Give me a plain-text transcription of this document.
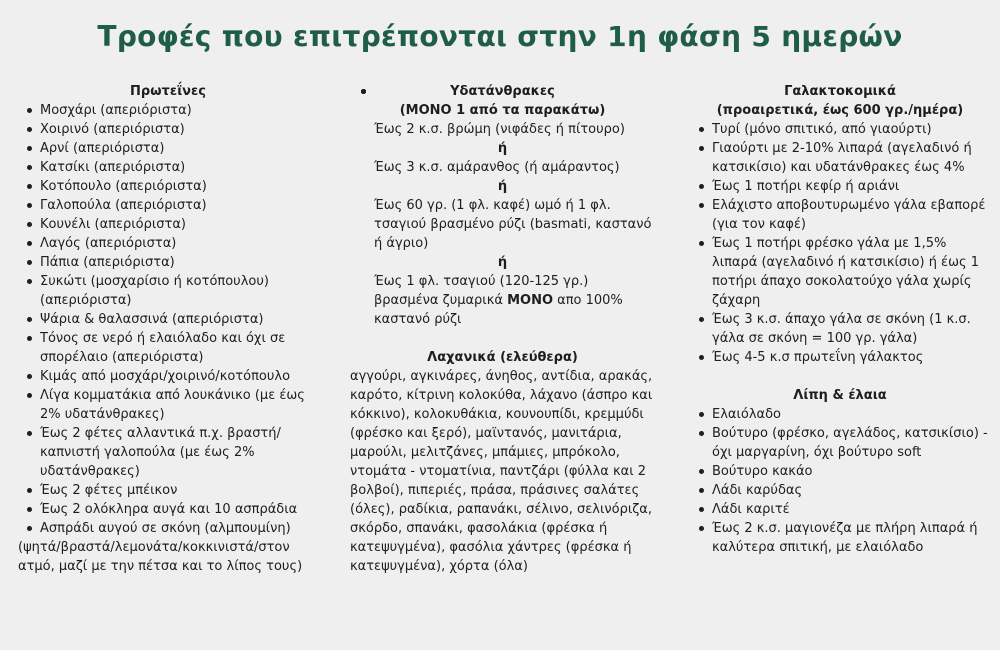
Τροφές που επιτρέπονται στην 1η φάση 5 ημερών

Πρωτεΐνες

Μοσχάρι (απεριόριστα)
Χοιρινό (απεριόριστα)
Αρνί (απεριόριστα)
Κατσίκι (απεριόριστα)
Κοτόπουλο (απεριόριστα)
Γαλοπούλα (απεριόριστα)
Κουνέλι (απεριόριστα)
Λαγός (απεριόριστα)
Πάπια (απεριόριστα)
Συκώτι (μοσχαρίσιο ή κοτόπουλου) (απεριόριστα)
Ψάρια & θαλασσινά (απεριόριστα)
Τόνος σε νερό ή ελαιόλαδο και όχι σε σπορέλαιο (απεριόριστα)
Κιμάς από μοσχάρι/χοιρινό/κοτόπουλο
Λίγα κομματάκια από λουκάνικο (με έως 2% υδατάνθρακες)
Έως 2 φέτες αλλαντικά π.χ. βραστή/ καπνιστή γαλοπούλα (με έως 2% υδατάνθρακες)
Έως 2 φέτες μπέικον
Έως 2 ολόκληρα αυγά και 10 ασπράδια
Ασπράδι αυγού σε σκόνη (αλμπουμίνη)
(ψητά/βραστά/λεμονάτα/κοκκινιστά/στον ατμό, μαζί με την πέτσα και το λίπος τους)

Υδατάνθρακες

(ΜΟΝΟ 1 από τα παρακάτω)

Έως 2 κ.σ. βρώμη (νιφάδες ή πίτουρο)
ή
Έως 3 κ.σ. αμάρανθος (ή αμάραντος)
ή
Έως 60 γρ. (1 φλ. καφέ) ωμό ή 1 φλ. τσαγιού βρασμένο ρύζι (basmati, καστανό ή άγριο)
ή
Έως 1 φλ. τσαγιού (120-125 γρ.) βρασμένα ζυμαρικά ΜΟΝΟ απο 100% καστανό ρύζι

Λαχανικά (ελεύθερα)

αγγούρι, αγκινάρες, άνηθος, αντίδια, αρακάς, καρότο, κίτρινη κολοκύθα, λάχανο (άσπρο και κόκκινο), κολοκυθάκια, κουνουπίδι, κρεμμύδι (φρέσκο και ξερό), μαϊντανός, μανιτάρια, μαρούλι, μελιτζάνες, μπάμιες, μπρόκολο, ντομάτα - ντοματίνια, παντζάρι (φύλλα και 2 βολβοί), πιπεριές, πράσα, πράσινες σαλάτες (όλες), ραδίκια, ραπανάκι, σέλινο, σελινόριζα, σκόρδο, σπανάκι, φασολάκια (φρέσκα ή κατεψυγμένα), φασόλια χάντρες (φρέσκα ή κατεψυγμένα), χόρτα (όλα)

Γαλακτοκομικά

(προαιρετικά, έως 600 γρ./ημέρα)

Τυρί (μόνο σπιτικό, από γιαούρτι)
Γιαούρτι με 2-10% λιπαρά (αγελαδινό ή κατσικίσιο) και υδατάνθρακες έως 4%
Έως 1 ποτήρι κεφίρ ή αριάνι
Ελάχιστο αποβουτυρωμένο γάλα εβαπορέ (για τον καφέ)
Έως 1 ποτήρι φρέσκο γάλα με 1,5% λιπαρά (αγελαδινό ή κατσικίσιο) ή έως 1 ποτήρι άπαχο σοκολατούχο γάλα χωρίς ζάχαρη
Έως 3 κ.σ. άπαχο γάλα σε σκόνη (1 κ.σ. γάλα σε σκόνη = 100 γρ. γάλα)
Έως 4-5 κ.σ πρωτεΐνη γάλακτος

Λίπη & έλαια

Ελαιόλαδο
Βούτυρο (φρέσκο, αγελάδος, κατσικίσιο) - όχι μαργαρίνη, όχι βούτυρο soft
Βούτυρο κακάο
Λάδι καρύδας
Λάδι καριτέ
Έως 2 κ.σ. μαγιονέζα με πλήρη λιπαρά ή καλύτερα σπιτική, με ελαιόλαδο
